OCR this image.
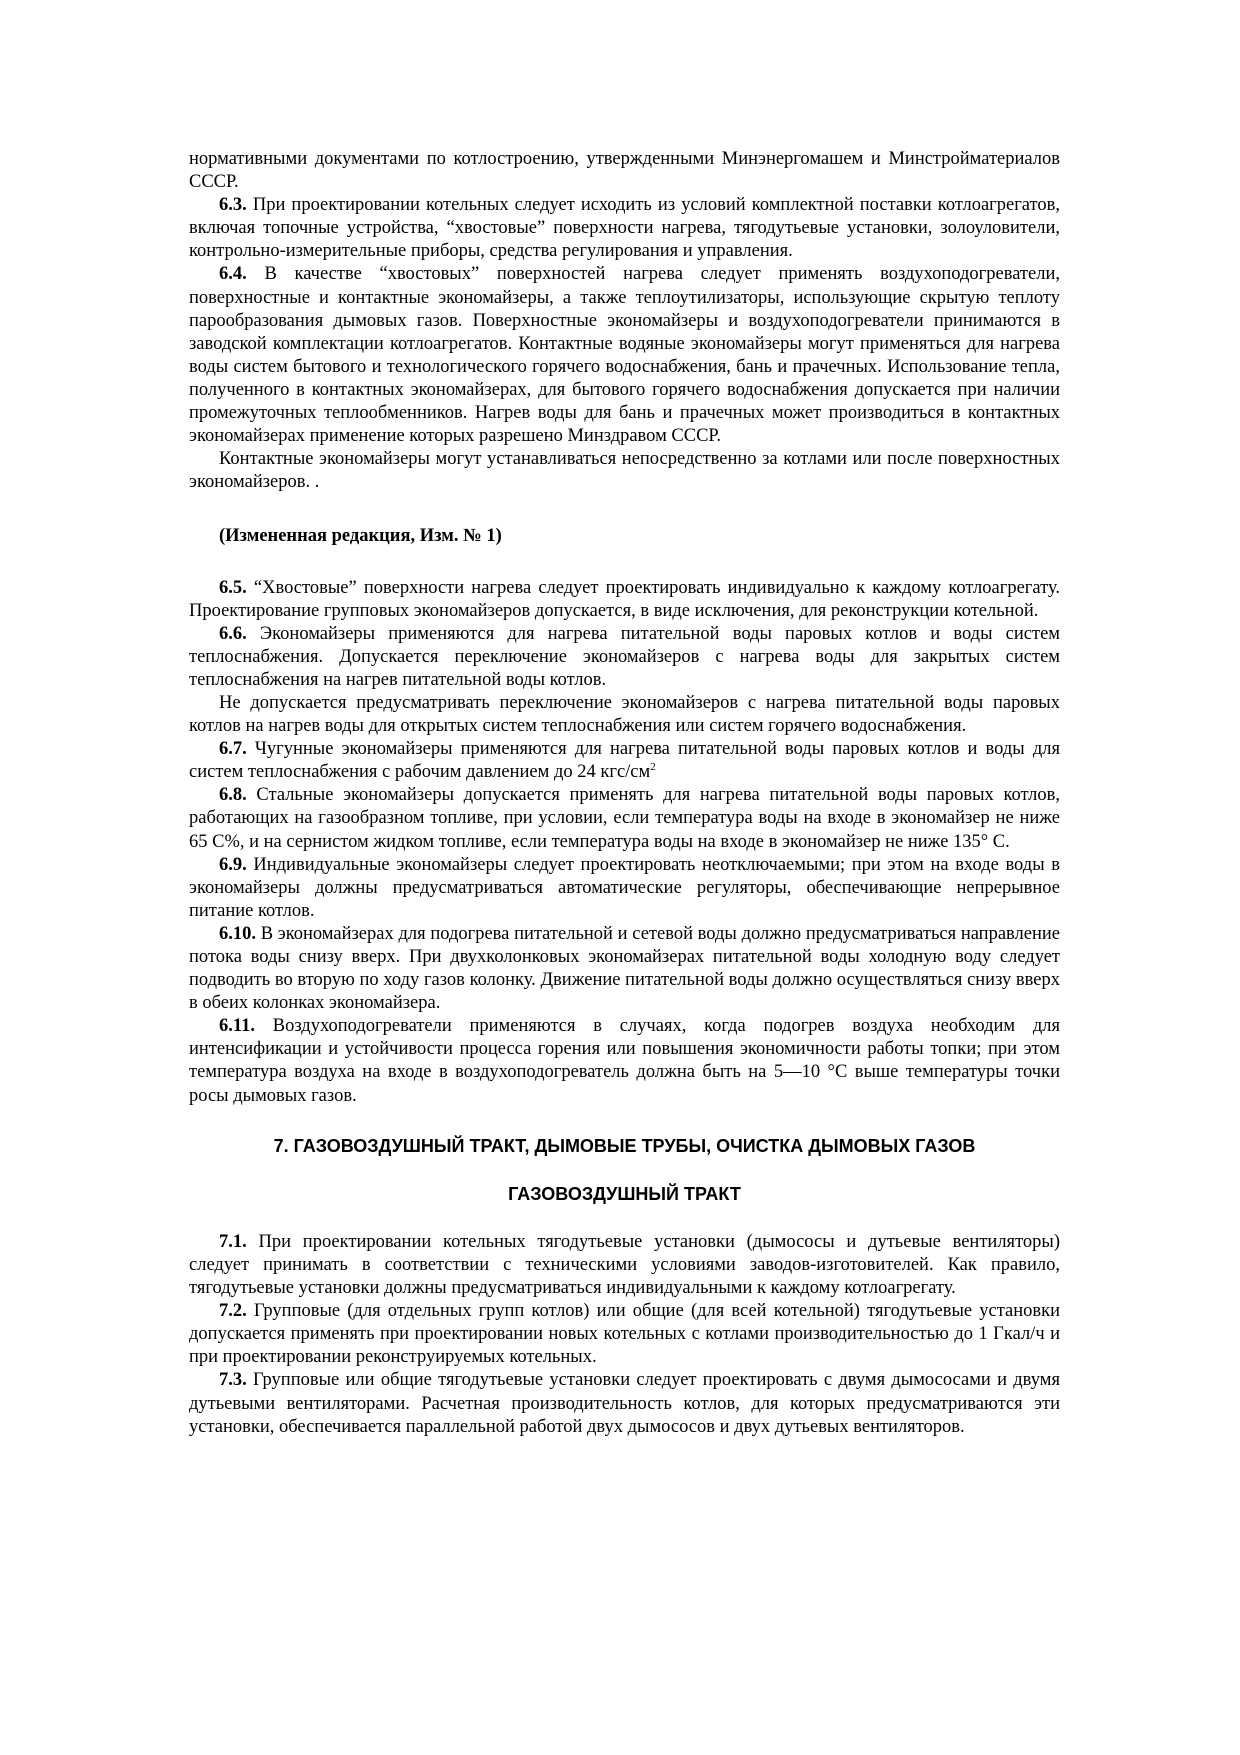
нормативными документами по котлостроению, утвержденными Минэнергомашем и Минстройматериалов СССР.

6.3. При проектировании котельных следует исходить из условий комплектной поставки котлоагрегатов, включая топочные устройства, “хвостовые” поверхности нагрева, тягодутьевые установки, золоуловители, контрольно-измерительные приборы, средства регулирования и управления.

6.4. В качестве “хвостовых” поверхностей нагрева следует применять воздухоподогреватели, поверхностные и контактные экономайзеры, а также теплоутилизаторы, использующие скрытую теплоту парообразования дымовых газов. Поверхностные экономайзеры и воздухоподогреватели принимаются в заводской комплектации котлоагрегатов. Контактные водяные экономайзеры могут применяться для нагрева воды систем бытового и технологического горячего водоснабжения, бань и прачечных. Использование тепла, полученного в контактных экономайзерах, для бытового горячего водоснабжения допускается при наличии промежуточных теплообменников. Нагрев воды для бань и прачечных может производиться в контактных экономайзерах применение которых разрешено Минздравом СССР.

Контактные экономайзеры могут устанавливаться непосредственно за котлами или после поверхностных экономайзеров. .

(Измененная редакция, Изм. № 1)

6.5. “Хвостовые” поверхности нагрева следует проектировать индивидуально к каждому котлоагрегату. Проектирование групповых экономайзеров допускается, в виде исключения, для реконструкции котельной.

6.6. Экономайзеры применяются для нагрева питательной воды паровых котлов и воды систем теплоснабжения. Допускается переключение экономайзеров с нагрева воды для закрытых систем теплоснабжения на нагрев питательной воды котлов.

Не допускается предусматривать переключение экономайзеров с нагрева питательной воды паровых котлов на нагрев воды для открытых систем теплоснабжения или систем горячего водоснабжения.

6.7. Чугунные экономайзеры применяются для нагрева питательной воды паровых котлов и воды для систем теплоснабжения с рабочим давлением до 24 кгс/$см^2$

6.8. Стальные экономайзеры допускается применять для нагрева питательной воды паровых котлов, работающих на газообразном топливе, при условии, если температура воды на входе в экономайзер не ниже 65 С%, и на сернистом жидком топливе, если температура воды на входе в экономайзер не ниже 135° С.

6.9. Индивидуальные экономайзеры следует проектировать неотключаемыми; при этом на входе воды в экономайзеры должны предусматриваться автоматические регуляторы, обеспечивающие непрерывное питание котлов.

6.10. В экономайзерах для подогрева питательной и сетевой воды должно предусматриваться направление потока воды снизу вверх. При двухколонковых экономайзерах питательной воды холодную воду следует подводить во вторую по ходу газов колонку. Движение питательной воды должно осуществляться снизу вверх в обеих колонках экономайзера.

6.11. Воздухоподогреватели применяются в случаях, когда подогрев воздуха необходим для интенсификации и устойчивости процесса горения или повышения экономичности работы топки; при этом температура воздуха на входе в воздухоподогреватель должна быть на 5—10 °С выше температуры точки росы дымовых газов.

7. ГАЗОВОЗДУШНЫЙ ТРАКТ, ДЫМОВЫЕ ТРУБЫ, ОЧИСТКА ДЫМОВЫХ ГАЗОВ
ГАЗОВОЗДУШНЫЙ ТРАКТ

7.1. При проектировании котельных тягодутьевые установки (дымососы и дутьевые вентиляторы) следует принимать в соответствии с техническими условиями заводов-изготовителей. Как правило, тягодутьевые установки должны предусматриваться индивидуальными к каждому котлоагрегату.

7.2. Групповые (для отдельных групп котлов) или общие (для всей котельной) тягодутьевые установки допускается применять при проектировании новых котельных с котлами производительностью до 1 Гкал/ч и при проектировании реконструируемых котельных.

7.3. Групповые или общие тягодутьевые установки следует проектировать с двумя дымососами и двумя дутьевыми вентиляторами. Расчетная производительность котлов, для которых предусматриваются эти установки, обеспечивается параллельной работой двух дымососов и двух дутьевых вентиляторов.
